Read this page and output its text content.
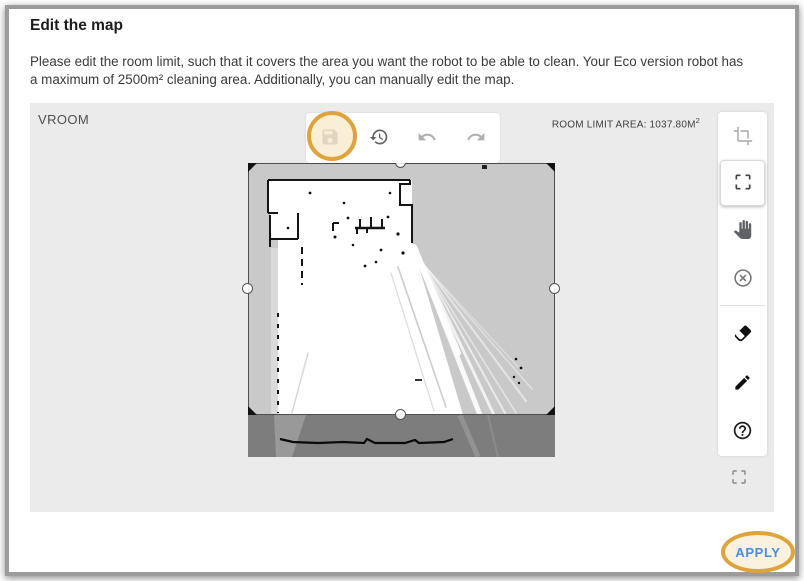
Edit the map
Please edit the room limit, such that it covers the area you want the robot to be able to clean. Your Eco version robot has
a maximum of 2500m² cleaning area. Additionally, you can manually edit the map.
VROOM	ROOM LIMIT AREA: $1037.80M^2$
APPLY
